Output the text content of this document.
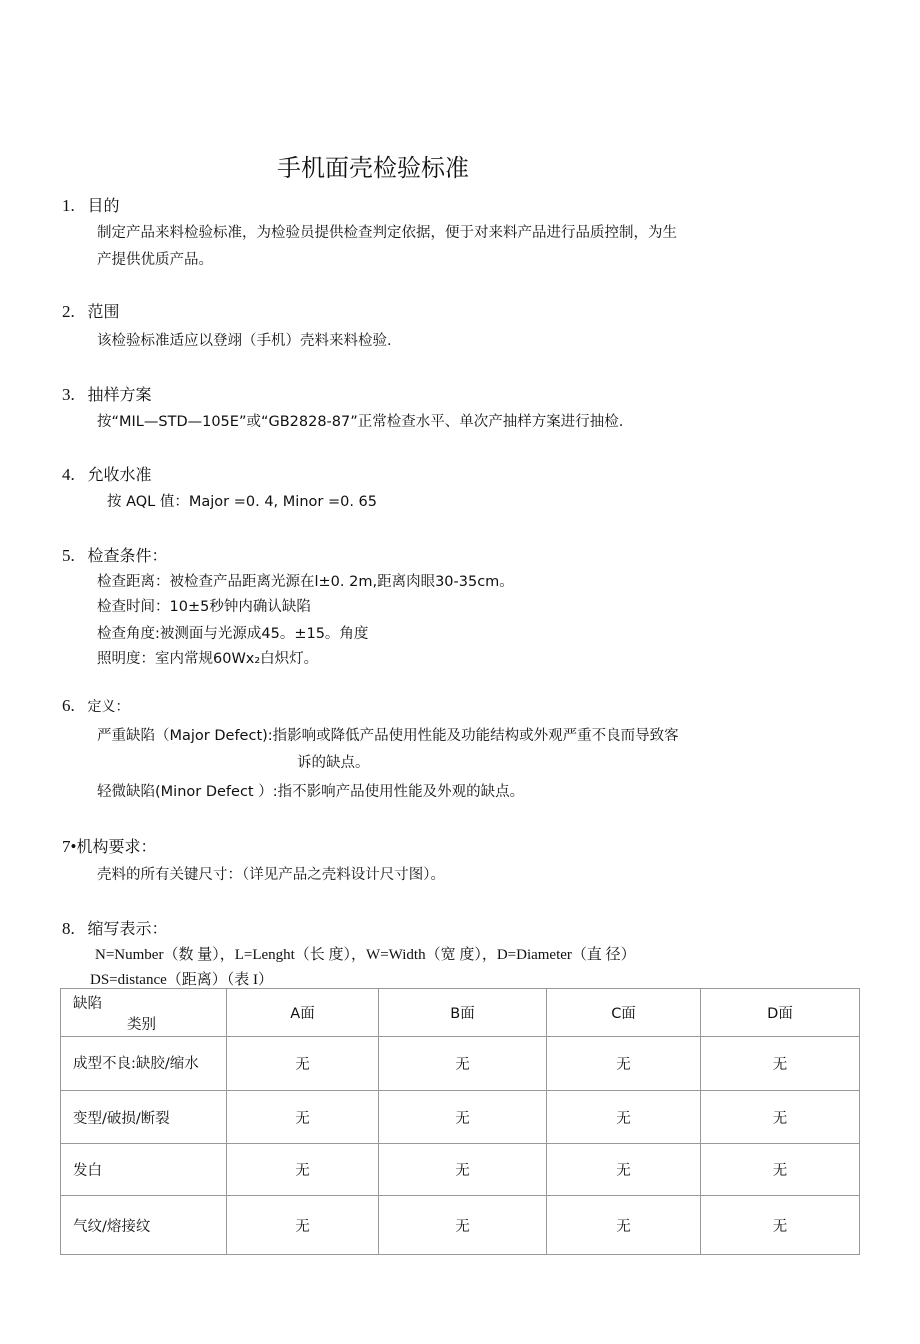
手机面壳检验标准
1. 目的
制定产品来料检验标准，为检验员提供检查判定依据，便于对来料产品进行品质控制，为生
产提供优质产品。
2. 范围
该检验标准适应以登翊（手机）壳料来料检验.
3. 抽样方案
按“MIL—STD—105E”或“GB2828-87”正常检查水平、单次产抽样方案进行抽检.
4. 允收水准
按 AQL 值：Major =0. 4, Minor =0. 65
5. 检查条件：
检查距离：被检查产品距离光源在l±0. 2m,距离肉眼30-35cm。
检查时间：10±5秒钟内确认缺陷
检查角度:被测面与光源成45。±15。角度
照明度：室内常规60Wx₂白炽灯。
6. 定义：
严重缺陷（Major Defect):指影响或降低产品使用性能及功能结构或外观严重不良而导致客
诉的缺点。
轻微缺陷(Minor Defect ）:指不影响产品使用性能及外观的缺点。
7•机构要求：
壳料的所有关键尺寸：（详见产品之壳料设计尺寸图）。
8. 缩写表示：
N=Number（数 量），L=Lenght（长 度），W=Width（宽 度），D=Diameter（直 径）
DS=distance（距离）（表 I）
缺陷
类别	A面	B面	C面	D面
成型不良:缺胶/缩水	无	无	无	无
变型/破损/断裂	无	无	无	无
发白	无	无	无	无
气纹/熔接纹	无	无	无	无
